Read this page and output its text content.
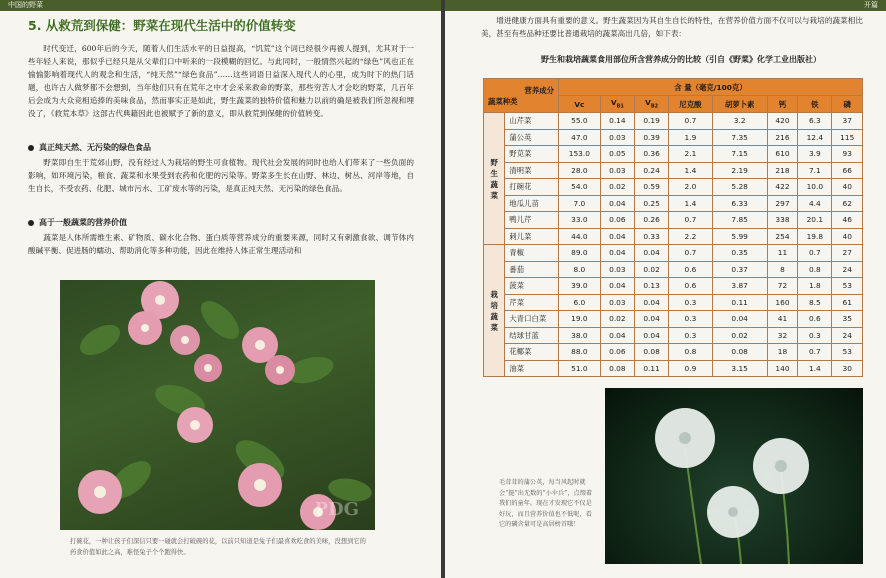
中国的野菜
5. 从救荒到保健：野菜在现代生活中的价值转变

时代变迁，600年后的今天，随着人们生活水平的日益提高，“饥荒”这个词已经很少再被人提到，尤其对于一些年轻人来说，那似乎已经只是从父辈们口中听来的一段模糊的回忆。与此同时，一般情然兴起的“绿色”风也正在愉愉影响着现代人的观念和生活，“纯天然”“绿色食品”……这些词语日益深入现代人的心里，成为时下的热门话题，也许古人做梦都不会想到，当年他们只有在荒年之中才会采来救命的野菜，那些穷苦人才会吃的野菜，几百年后会成为大众竞相追捧的美味食品，然而事实正是如此，野生蔬菜的独特价值和魅力以前的确是被我们所忽视和埋没了，《救荒本草》这部古代典籍因此也被赋予了新的意义，即从救荒到保健的价值转变。

真正纯天然、无污染的绿色食品

野菜即自生于荒郊山野，没有经过人为栽培的野生可食植物。现代社会发展的同时也给人们带来了一些负面的影响，如环境污染，粮食、蔬菜和水果受到农药和化肥的污染等。野菜多生长在山野、林边、树丛、河岸等地，自生自长，不受农药、化肥、城市污水、工矿废水等的污染，是真正纯天然、无污染的绿色食品。

高于一般蔬菜的营养价值

蔬菜是人体所需维生素、矿物质、碳水化合物、蛋白质等营养成分的重要来源，同时又有刺激食欲、调节体内酸碱平衡、促进肠的蠕动、帮助消化等多种功能，因此在维持人体正常生理活动和

PDG
打碗花，一种让孩子们深信只要一碰就会打破碗的花，以前只知道是兔子们最喜欢吃食的美味，没想到它的药食价值如此之高，难怪兔子个个跑得快。
开篇

增进健康方面具有重要的意义。野生蔬菜因为其自生自长的特性，在营养价值方面不仅可以与栽培的蔬菜相比美，甚至有些品种还要比普通栽培的蔬菜高出几倍，如下表：

野生和栽培蔬菜食用部位所含营养成分的比较（引自《野菜》化学工业出版社）
营养成分
蔬菜种类		含 量（毫克/100克）							
		Vc	$V_{B1}$	$V_{B2}$	尼克酸	胡萝卜素	钙	铁	磷

野
生
蔬
菜	山芹菜	55.0	0.14	0.19	0.7	3.2	420	6.3	37
	蒲公英	47.0	0.03	0.39	1.9	7.35	216	12.4	115
	野苋菜	153.0	0.05	0.36	2.1	7.15	610	3.9	93
	清明菜	28.0	0.03	0.24	1.4	2.19	218	7.1	66
	打碗花	54.0	0.02	0.59	2.0	5.28	422	10.0	40
	地瓜儿苗	7.0	0.04	0.25	1.4	6.33	297	4.4	62
	鸭儿芹	33.0	0.06	0.26	0.7	7.85	338	20.1	46
	刺儿菜	44.0	0.04	0.33	2.2	5.99	254	19.8	40

栽
培
蔬
菜	青椒	89.0	0.04	0.04	0.7	0.35	11	0.7	27
	番茄	8.0	0.03	0.02	0.6	0.37	8	0.8	24
	菠菜	39.0	0.04	0.13	0.6	3.87	72	1.8	53
	芹菜	6.0	0.03	0.04	0.3	0.11	160	8.5	61
	大青口白菜	19.0	0.02	0.04	0.3	0.04	41	0.6	35
	结球甘蓝	38.0	0.04	0.04	0.3	0.02	32	0.3	24
	花椰菜	88.0	0.06	0.08	0.8	0.08	18	0.7	53
	油菜	51.0	0.08	0.11	0.9	3.15	140	1.4	30
毛茸茸的蒲公英，每当风起时就会“挺”出无数的“小伞兵”，点缀着我们的童年。现在才发现它不仅是好玩，而且营养价值也不低呢，看它的磷含量可是高居榜首哦！
